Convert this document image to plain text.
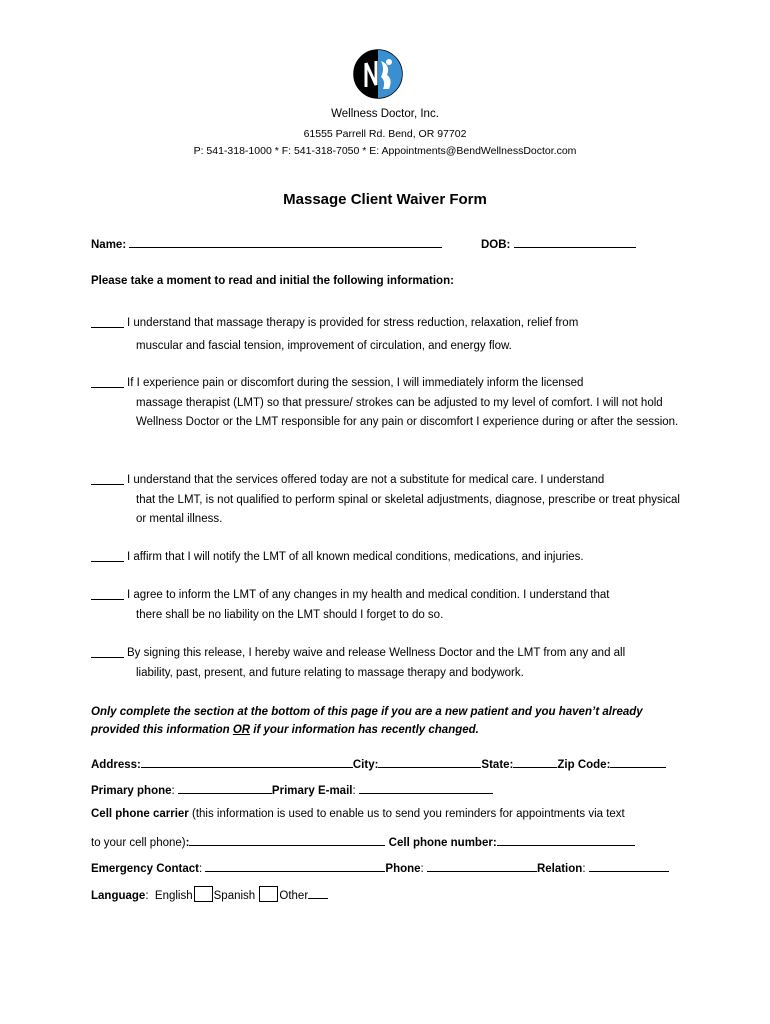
Wellness Doctor, Inc.
61555 Parrell Rd. Bend, OR 97702
P: 541-318-1000 * F: 541-318-7050 * E: Appointments@BendWellnessDoctor.com
Massage Client Waiver Form
Name:	DOB:
Please take a moment to read and initial the following information:
I understand that massage therapy is provided for stress reduction, relaxation, relief from
muscular and fascial tension, improvement of circulation, and energy flow.
If I experience pain or discomfort during the session, I will immediately inform the licensed
massage therapist (LMT) so that pressure/ strokes can be adjusted to my level of comfort. I will not hold Wellness Doctor or the LMT responsible for any pain or discomfort I experience during or after the session.
I understand that the services offered today are not a substitute for medical care. I understand
that the LMT, is not qualified to perform spinal or skeletal adjustments, diagnose, prescribe or treat physical or mental illness.
I affirm that I will notify the LMT of all known medical conditions, medications, and injuries.
I agree to inform the LMT of any changes in my health and medical condition. I understand that
there shall be no liability on the LMT should I forget to do so.
By signing this release, I hereby waive and release Wellness Doctor and the LMT from any and all
liability, past, present, and future relating to massage therapy and bodywork.
Only complete the section at the bottom of this page if you are a new patient and you haven’t already
provided this information OR if your information has recently changed.
Address:	City:	State:	Zip Code:
Primary phone:	Primary E-mail:
Cell phone carrier (this information is used to enable us to send you reminders for appointments via text
to your cell phone):	Cell phone number:
Emergency Contact:	Phone:	Relation:
Language:  English Spanish Other
